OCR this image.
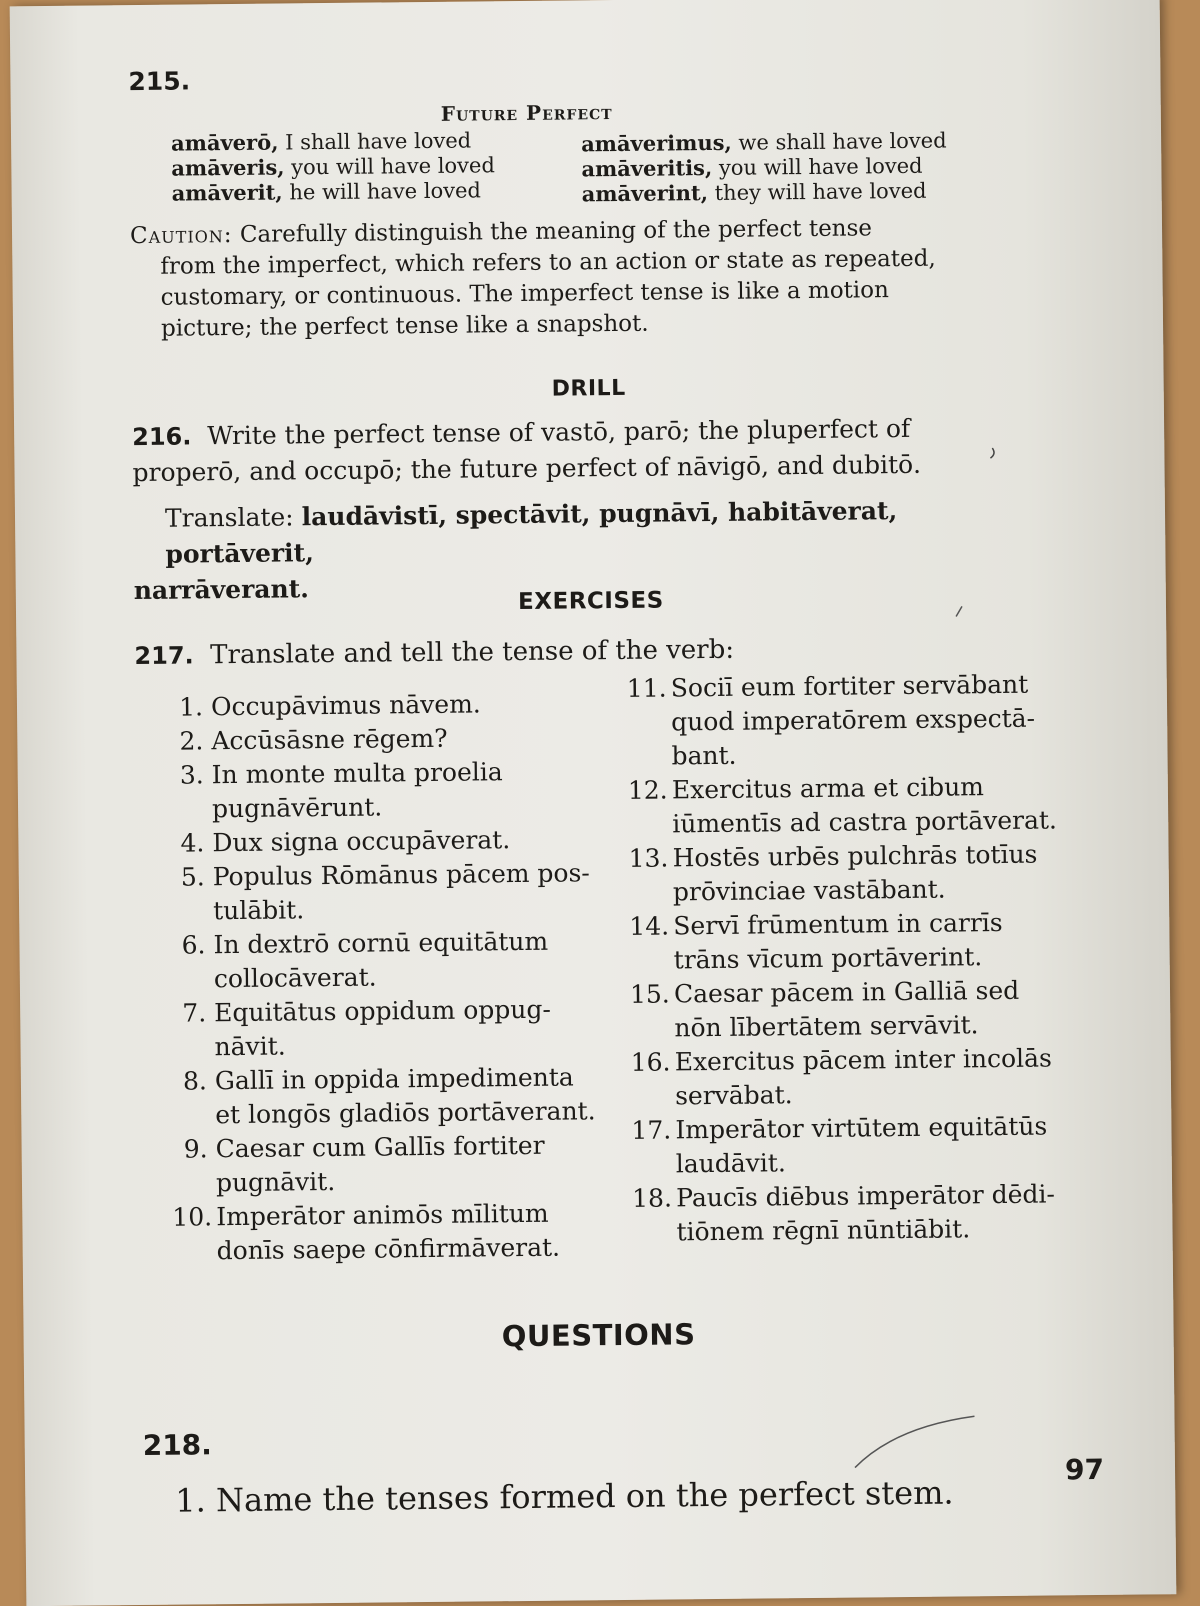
215.
Future Perfect
amāverō, I shall have loved
amāveris, you will have loved
amāverit, he will have loved
amāverimus, we shall have loved
amāveritis, you will have loved
amāverint, they will have loved
Caution: Carefully distinguish the meaning of the perfect tense
from the imperfect, which refers to an action or state as repeated,
customary, or continuous. The imperfect tense is like a motion
picture; the perfect tense like a snapshot.
DRILL
216. Write the perfect tense of vastō, parō; the pluperfect of
properō, and occupō; the future perfect of nāvigō, and dubitō.
Translate: laudāvistī, spectāvit, pugnāvī, habitāverat, portāverit,
narrāverant.	EXERCISES
217. Translate and tell the tense of the verb:
1. Occupāvimus nāvem.
2. Accūsāsne rēgem?
3. In monte multa proelia
pugnāvērunt.
4. Dux signa occupāverat.
5. Populus Rōmānus pācem pos-
tulābit.
6. In dextrō cornū equitātum
collocāverat.
7. Equitātus oppidum oppug-
nāvit.
8. Gallī in oppida impedimenta
et longōs gladiōs portāverant.
9. Caesar cum Gallīs fortiter
pugnāvit.
10. Imperātor animōs mīlitum
donīs saepe cōnfirmāverat.
11. Sociī eum fortiter servābant
quod imperatōrem exspectā-
bant.
12. Exercitus arma et cibum
iūmentīs ad castra portāverat.
13. Hostēs urbēs pulchrās totīus
prōvinciae vastābant.
14. Servī frūmentum in carrīs
trāns vīcum portāverint.
15. Caesar pācem in Galliā sed
nōn lībertātem servāvit.
16. Exercitus pācem inter incolās
servābat.
17. Imperātor virtūtem equitātūs
laudāvit.
18. Paucīs diēbus imperātor dēdi-
tiōnem rēgnī nūntiābit.
QUESTIONS
218.
1. Name the tenses formed on the perfect stem.
97
